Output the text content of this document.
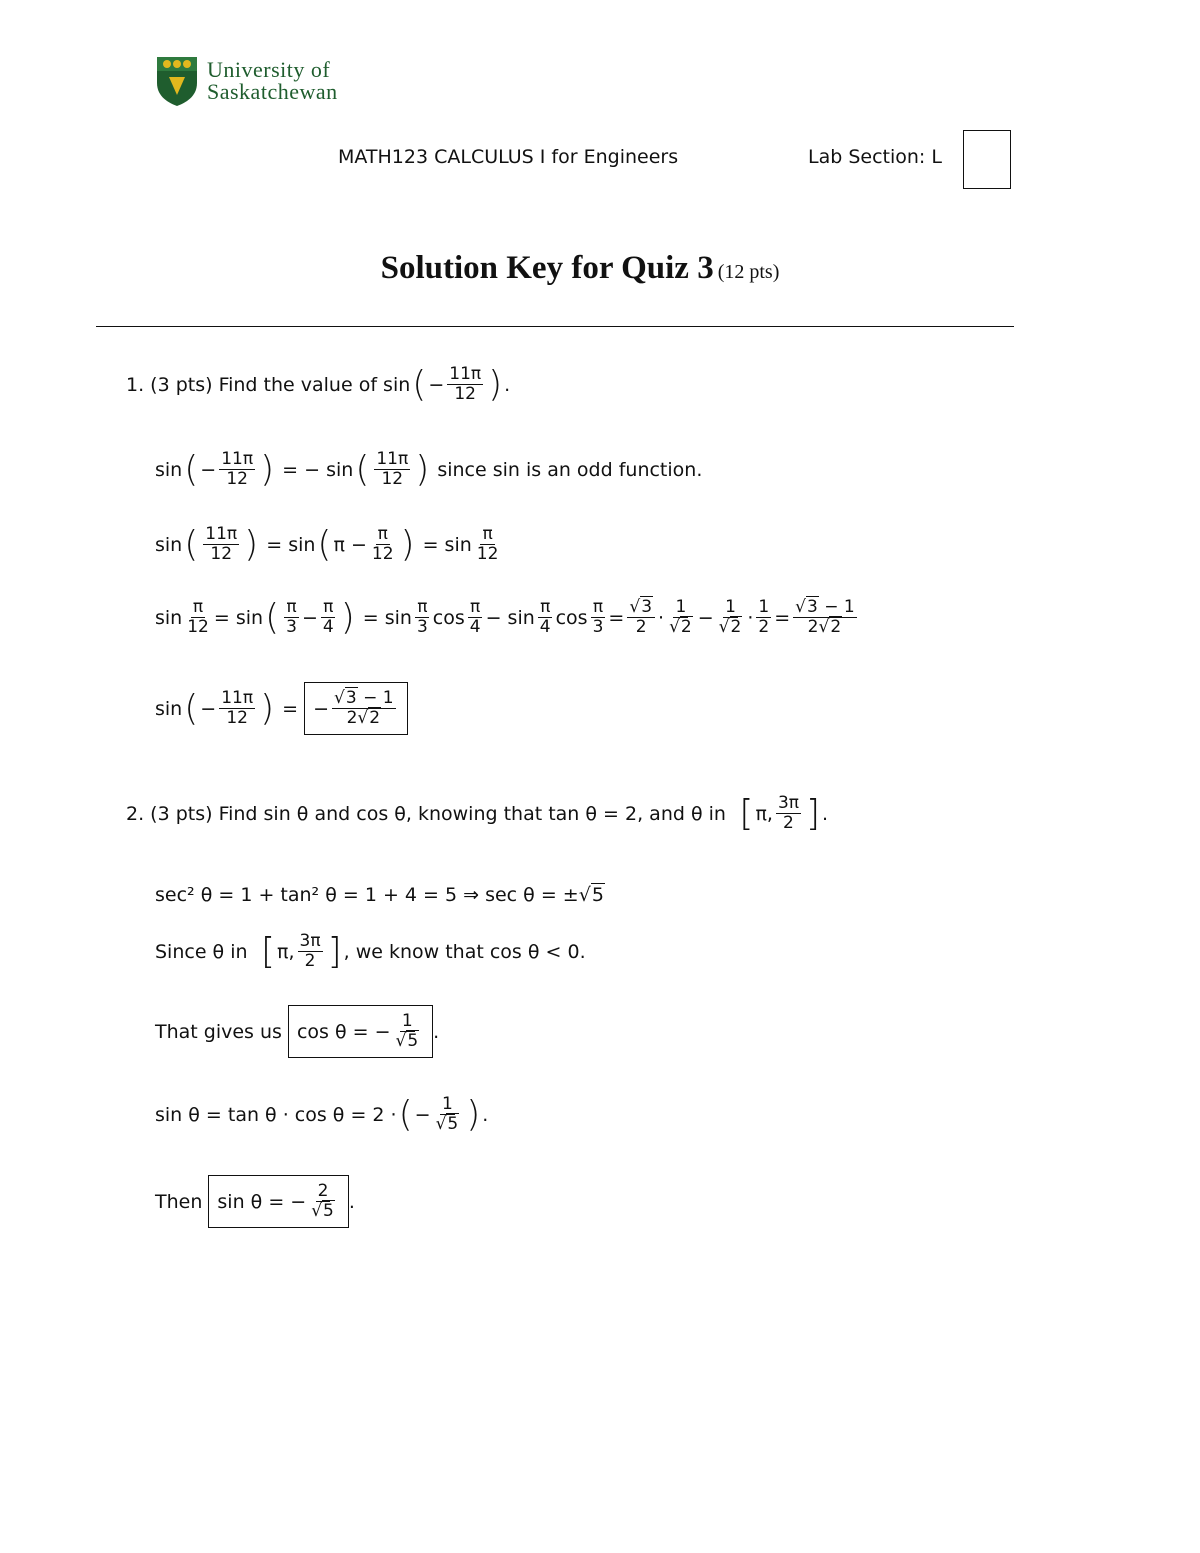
University of
Saskatchewan
MATH123 CALCULUS I for Engineers	Lab Section: L
Solution Key for Quiz 3 (12 pts)
1. (3 pts) Find the value of sin ( − $\frac{11\pi}{12}$ ) .
sin ( − $\frac{11\pi}{12}$ ) = − sin ( $\frac{11\pi}{12}$ )
since sin is an odd function.
sin ( $\frac{11\pi}{12}$ ) = sin ( $\pi - \frac{\pi}{12}$ ) = $\sin \frac{\pi}{12}$
$\sin \frac{\pi}{12} = \sin$ ( $\frac{\pi}{3} - \frac{\pi}{4}$ ) = $\sin \frac{\pi}{3}$ $\cos \frac{\pi}{4} - \sin \frac{\pi}{4}$ $\cos \frac{\pi}{3} = \frac{√3}{2} \cdot \frac{1}{√2} - \frac{1}{√2} \cdot \frac{1}{2} = \frac{√3 - 1}{2√2}$
sin ( − $\frac{11\pi}{12}$ ) = − $\frac{√3 - 1}{2√2}$
2. (3 pts) Find sin θ and cos θ, knowing that tan θ = 2, and θ in [ π, $\frac{3\pi}{2}$ ] .
sec² θ = 1 + tan² θ = 1 + 4 = 5 ⇒ sec θ = ± √5
Since θ in [ π, $\frac{3\pi}{2}$ ] , we know that cos θ < 0.
That gives us cos θ = − $\frac{1}{√5}$ .
sin θ = tan θ · cos θ = 2 · ( − $\frac{1}{√5}$ ) .
Then sin θ = − $\frac{2}{√5}$ .
